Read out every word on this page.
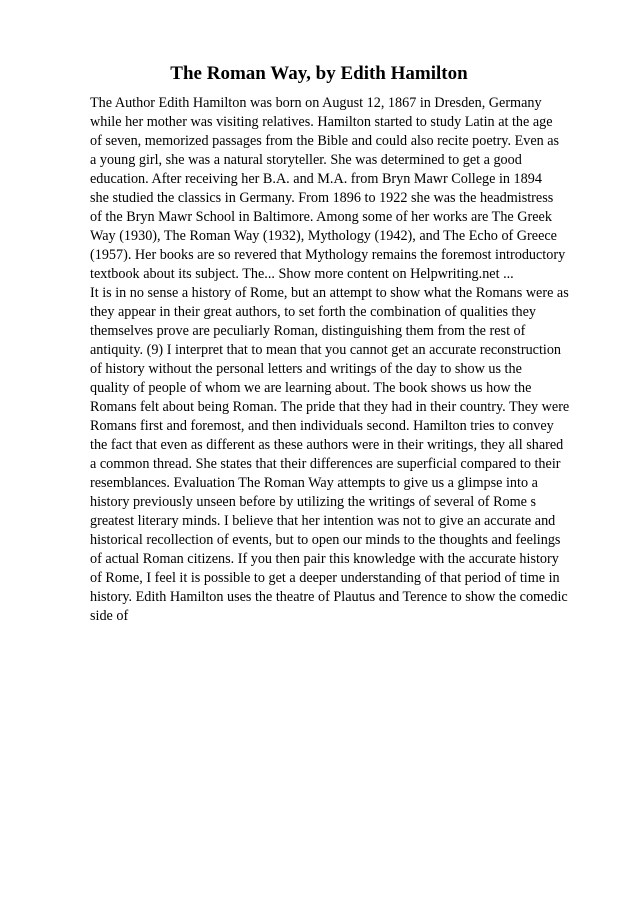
The Roman Way, by Edith Hamilton
The Author Edith Hamilton was born on August 12, 1867 in Dresden, Germany
while her mother was visiting relatives. Hamilton started to study Latin at the age
of seven, memorized passages from the Bible and could also recite poetry. Even as
a young girl, she was a natural storyteller. She was determined to get a good
education. After receiving her B.A. and M.A. from Bryn Mawr College in 1894
she studied the classics in Germany. From 1896 to 1922 she was the headmistress
of the Bryn Mawr School in Baltimore. Among some of her works are The Greek
Way (1930), The Roman Way (1932), Mythology (1942), and The Echo of Greece
(1957). Her books are so revered that Mythology remains the foremost introductory
textbook about its subject. The... Show more content on Helpwriting.net ...
It is in no sense a history of Rome, but an attempt to show what the Romans were as
they appear in their great authors, to set forth the combination of qualities they
themselves prove are peculiarly Roman, distinguishing them from the rest of
antiquity. (9) I interpret that to mean that you cannot get an accurate reconstruction
of history without the personal letters and writings of the day to show us the
quality of people of whom we are learning about. The book shows us how the
Romans felt about being Roman. The pride that they had in their country. They were
Romans first and foremost, and then individuals second. Hamilton tries to convey
the fact that even as different as these authors were in their writings, they all shared
a common thread. She states that their differences are superficial compared to their
resemblances. Evaluation The Roman Way attempts to give us a glimpse into a
history previously unseen before by utilizing the writings of several of Rome s
greatest literary minds. I believe that her intention was not to give an accurate and
historical recollection of events, but to open our minds to the thoughts and feelings
of actual Roman citizens. If you then pair this knowledge with the accurate history
of Rome, I feel it is possible to get a deeper understanding of that period of time in
history. Edith Hamilton uses the theatre of Plautus and Terence to show the comedic
side of
